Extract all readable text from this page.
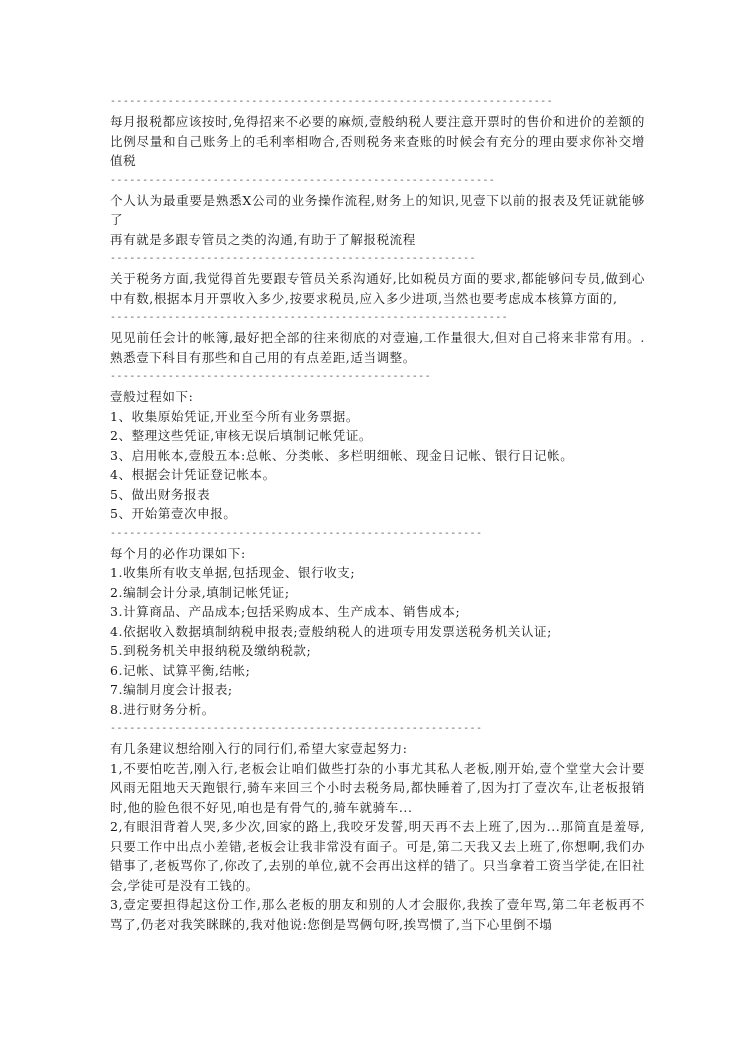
---------------------------------------------------------------------

每月报税都应该按时,免得招来不必要的麻烦,壹般纳税人要注意开票时的售价和进价的差额的比例尽量和自己账务上的毛利率相吻合,否则税务来查账的时候会有充分的理由要求你补交增值税

------------------------------------------------------------

个人认为最重要是熟悉X公司的业务操作流程,财务上的知识,见壹下以前的报表及凭证就能够了

再有就是多跟专管员之类的沟通,有助于了解报税流程

---------------------------------------------------------

关于税务方面,我觉得首先要跟专管员关系沟通好,比如税员方面的要求,都能够问专员,做到心中有数,根据本月开票收入多少,按要求税员,应入多少进项,当然也要考虑成本核算方面的,

--------------------------------------------------------------

见见前任会计的帐簿,最好把全部的往来彻底的对壹遍,工作量很大,但对自己将来非常有用。.熟悉壹下科目有那些和自己用的有点差距,适当调整。

--------------------------------------------------

壹般过程如下:

1、收集原始凭证,开业至今所有业务票据。

2、整理这些凭证,审核无误后填制记帐凭证。

3、启用帐本,壹般五本:总帐、分类帐、多栏明细帐、现金日记帐、银行日记帐。

4、根据会计凭证登记帐本。

5、做出财务报表

5、开始第壹次申报。

----------------------------------------------------------

每个月的必作功课如下:

1.收集所有收支单据,包括现金、银行收支;

2.编制会计分录,填制记帐凭证;

3.计算商品、产品成本;包括采购成本、生产成本、销售成本;

4.依据收入数据填制纳税申报表;壹般纳税人的进项专用发票送税务机关认证;

5.到税务机关申报纳税及缴纳税款;

6.记帐、试算平衡,结帐;

7.编制月度会计报表;

8.进行财务分析。

----------------------------------------------------------

有几条建议想给刚入行的同行们,希望大家壹起努力:

1,不要怕吃苦,刚入行,老板会让咱们做些打杂的小事尤其私人老板,刚开始,壹个堂堂大会计要风雨无阻地天天跑银行,骑车来回三个小时去税务局,都快睡着了,因为打了壹次车,让老板报销时,他的脸色很不好见,咱也是有骨气的,骑车就骑车...

2,有眼泪背着人哭,多少次,回家的路上,我咬牙发誓,明天再不去上班了,因为...那简直是羞辱,只要工作中出点小差错,老板会让我非常没有面子。可是,第二天我又去上班了,你想啊,我们办错事了,老板骂你了,你改了,去别的单位,就不会再出这样的错了。只当拿着工资当学徒,在旧社会,学徒可是没有工钱的。

3,壹定要担得起这份工作,那么老板的朋友和别的人才会服你,我挨了壹年骂,第二年老板再不骂了,仍老对我笑眯眯的,我对他说:您倒是骂俩句呀,挨骂惯了,当下心里倒不塌
